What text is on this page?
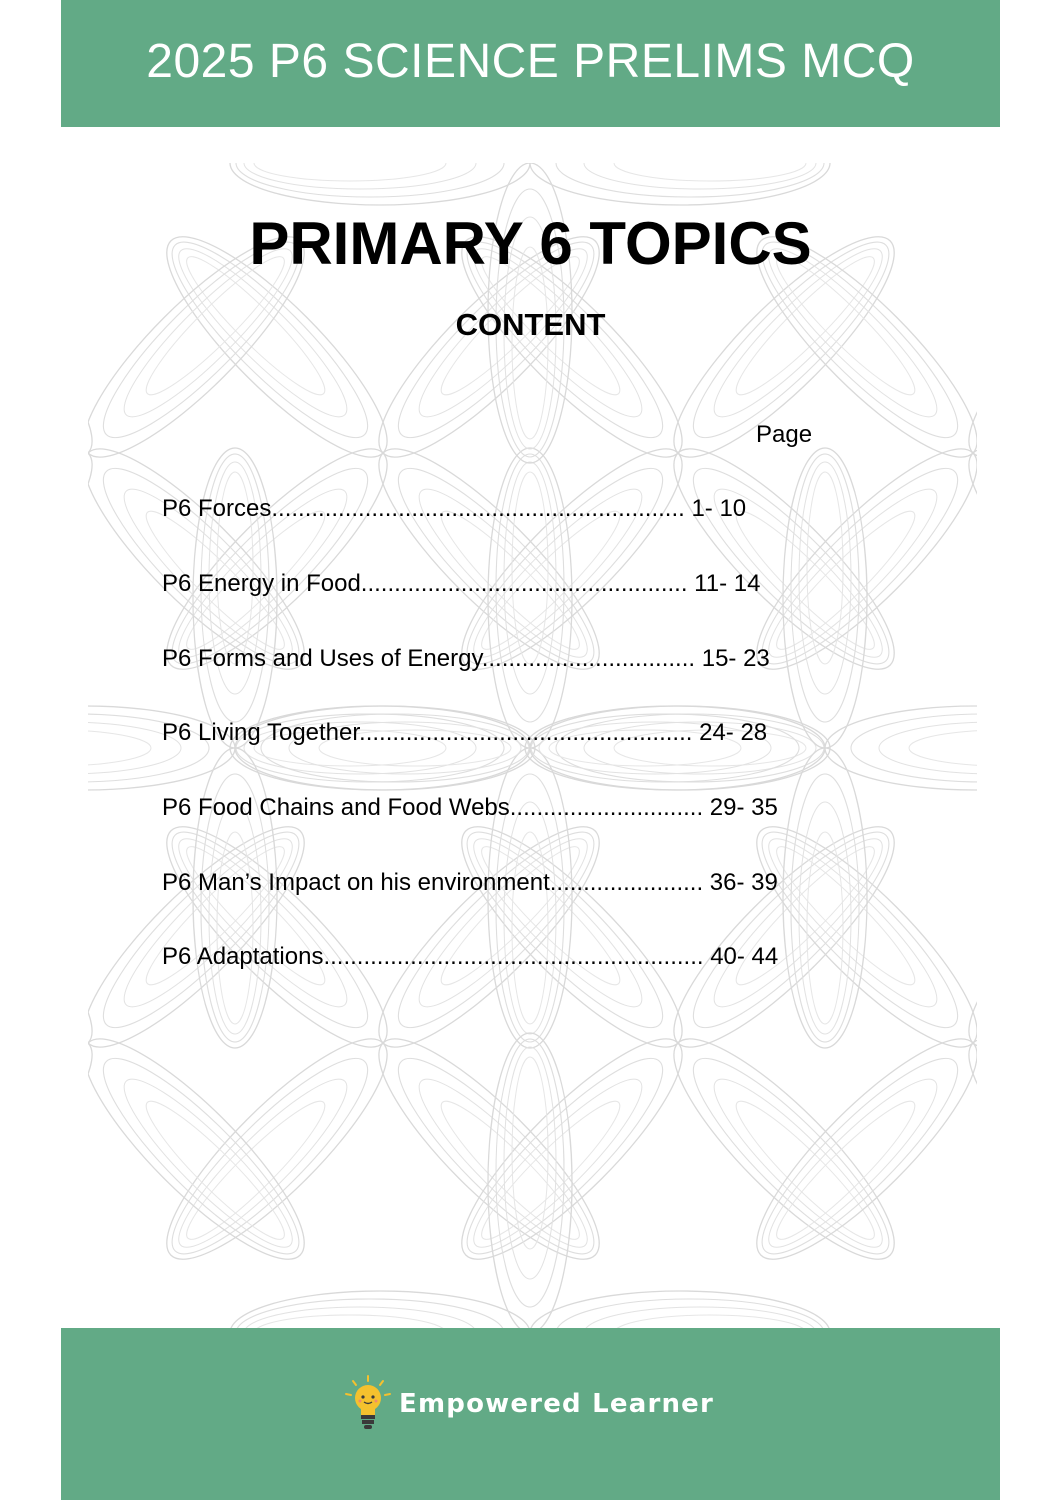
2025 P6 SCIENCE PRELIMS MCQ
PRIMARY 6 TOPICS
CONTENT
Page
P6 Forces.............................................................. 1- 10
P6 Energy in Food................................................. 11- 14
P6 Forms and Uses of Energy................................ 15- 23
P6 Living Together.................................................. 24- 28
P6 Food Chains and Food Webs............................. 29- 35
P6 Man’s Impact on his environment....................... 36- 39
P6 Adaptations......................................................... 40- 44
Empowered Learner
